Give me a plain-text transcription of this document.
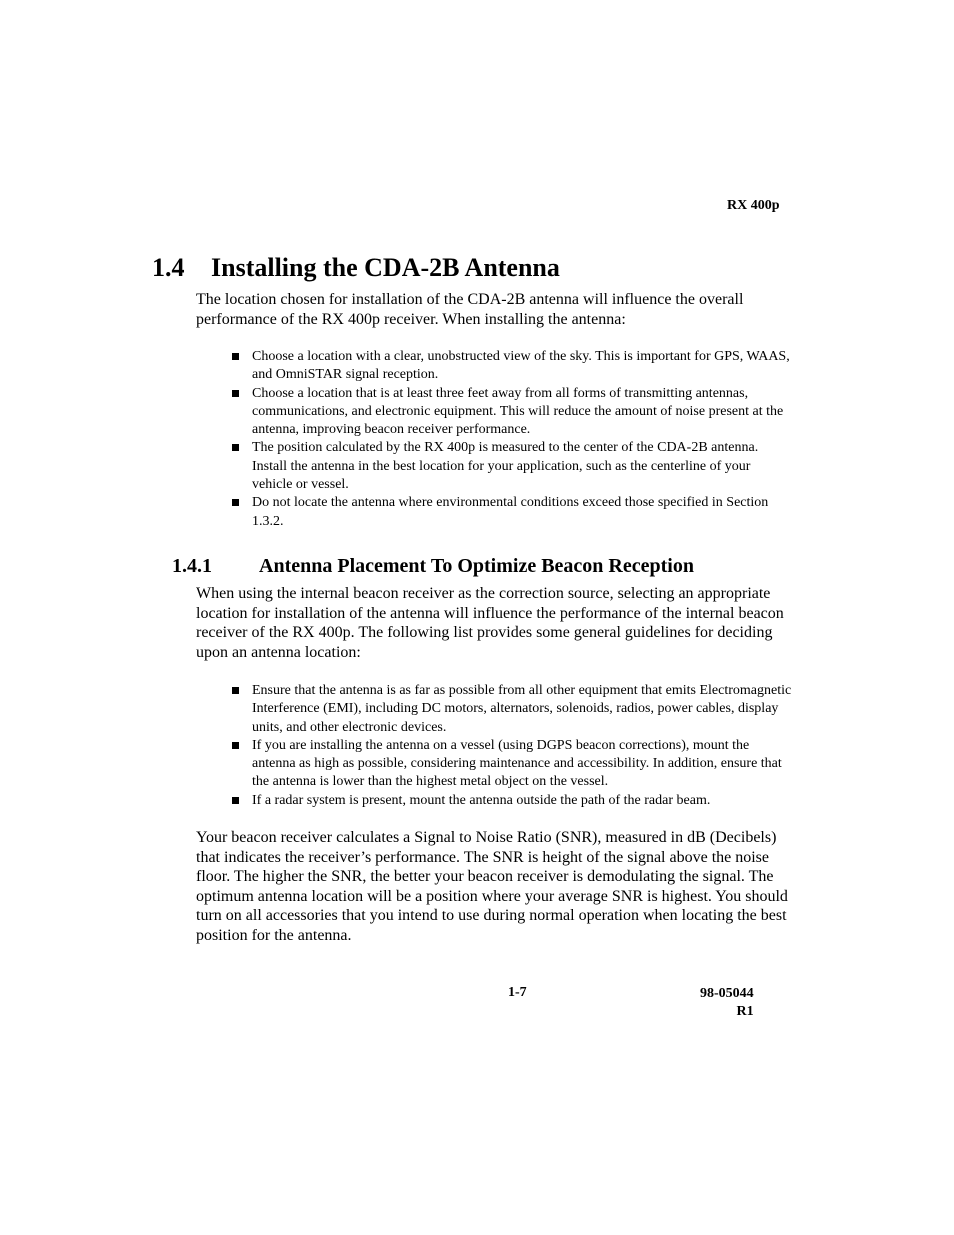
RX 400p
1.4 Installing the CDA-2B Antenna
The location chosen for installation of the CDA-2B antenna will influence the overall performance of the RX 400p receiver. When installing the antenna:
Choose a location with a clear, unobstructed view of the sky. This is important for GPS, WAAS, and OmniSTAR signal reception.
Choose a location that is at least three feet away from all forms of transmitting antennas, communications, and electronic equipment. This will reduce the amount of noise present at the antenna, improving beacon receiver performance.
The position calculated by the RX 400p is measured to the center of the CDA-2B antenna. Install the antenna in the best location for your application, such as the centerline of your vehicle or vessel.
Do not locate the antenna where environmental conditions exceed those specified in Section 1.3.2.
1.4.1 Antenna Placement To Optimize Beacon Reception
When using the internal beacon receiver as the correction source, selecting an appropriate location for installation of the antenna will influence the performance of the internal beacon receiver of the RX 400p. The following list provides some general guidelines for deciding upon an antenna location:
Ensure that the antenna is as far as possible from all other equipment that emits Electromagnetic Interference (EMI), including DC motors, alternators, solenoids, radios, power cables, display units, and other electronic devices.
If you are installing the antenna on a vessel (using DGPS beacon corrections), mount the antenna as high as possible, considering maintenance and accessibility. In addition, ensure that the antenna is lower than the highest metal object on the vessel.
If a radar system is present, mount the antenna outside the path of the radar beam.
Your beacon receiver calculates a Signal to Noise Ratio (SNR), measured in dB (Decibels) that indicates the receiver’s performance. The SNR is height of the signal above the noise floor. The higher the SNR, the better your beacon receiver is demodulating the signal. The optimum antenna location will be a position where your average SNR is highest. You should turn on all accessories that you intend to use during normal operation when locating the best position for the antenna.
1-7	98-05044
R1
